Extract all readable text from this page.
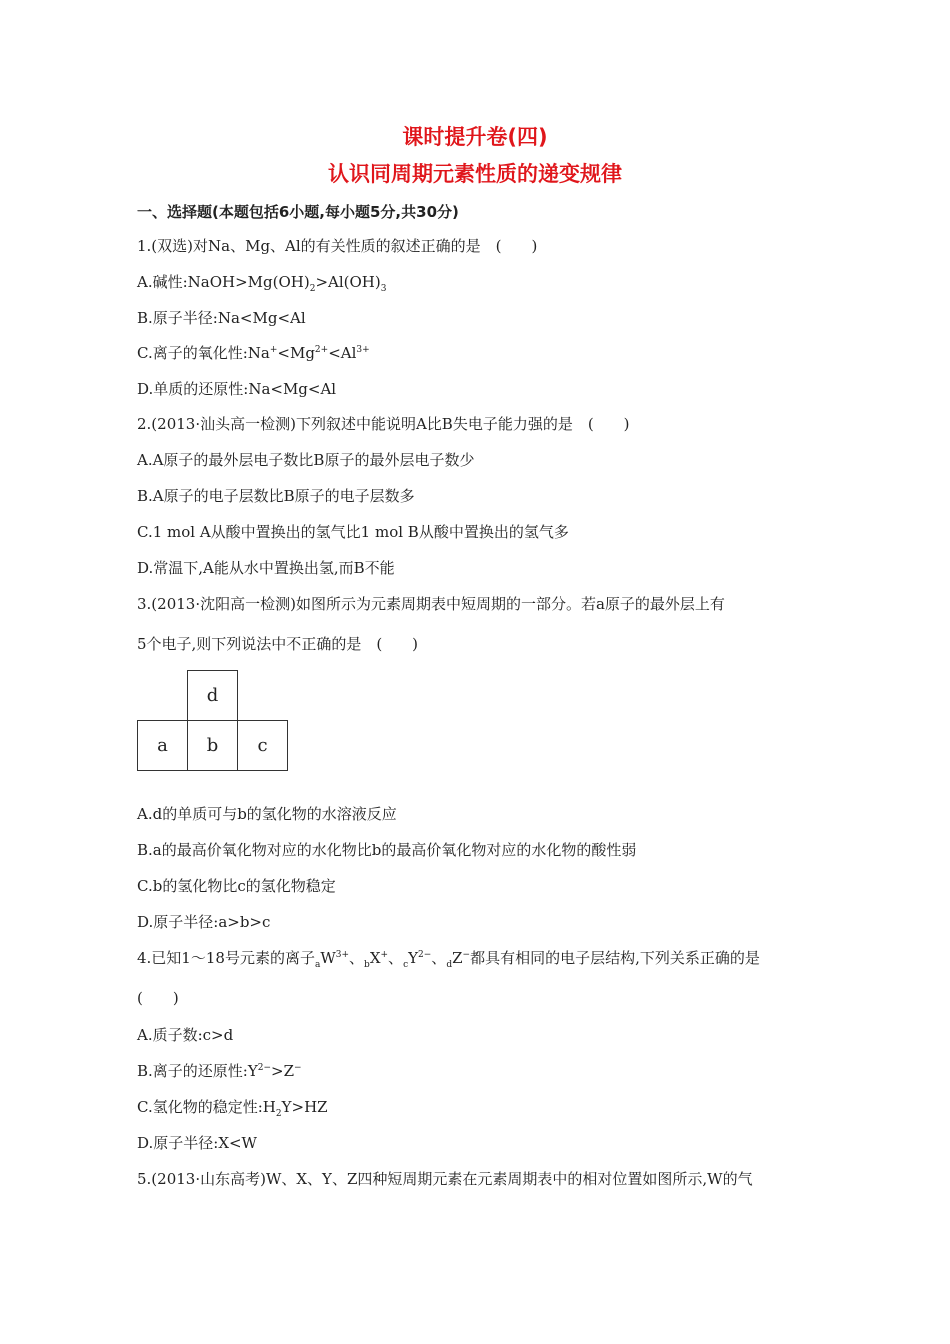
课时提升卷(四)
认识同周期元素性质的递变规律
一、选择题(本题包括6小题,每小题5分,共30分)
1.(双选)对Na、Mg、Al的有关性质的叙述正确的是　(　　)
A.碱性$:NaOH>Mg(OH)_2>Al(OH)_3$
B.原子半径:Na<Mg<Al
C.离子的氧化性$:Na^+<Mg^{2+}<Al^{3+}$
D.单质的还原性:Na<Mg<Al
2.(2013·汕头高一检测)下列叙述中能说明A比B失电子能力强的是　(　　)
A.A原子的最外层电子数比B原子的最外层电子数少
B.A原子的电子层数比B原子的电子层数多
C.1 mol A从酸中置换出的氢气比1 mol B从酸中置换出的氢气多
D.常温下,A能从水中置换出氢,而B不能
3.(2013·沈阳高一检测)如图所示为元素周期表中短周期的一部分。若a原子的最外层上有
5个电子,则下列说法中不正确的是　(　　)
d
a	b	c
A.d的单质可与b的氢化物的水溶液反应
B.a的最高价氧化物对应的水化物比b的最高价氧化物对应的水化物的酸性弱
C.b的氢化物比c的氢化物稳定
D.原子半径:a>b>c
4.已知1～18号元素的离子$_aW^{3+}$、$_b$X+、$_cY^{2-}$、$_d$Z−都具有相同的电子层结构,下列关系正确的是
(　　)
A.质子数:c>d
B.离子的还原性$:Y^{2-}>Z^-$
C.氢化物的稳定性$:H_2Y>HZ$
D.原子半径:X<W
5.(2013·山东高考)W、X、Y、Z四种短周期元素在元素周期表中的相对位置如图所示,W的气
